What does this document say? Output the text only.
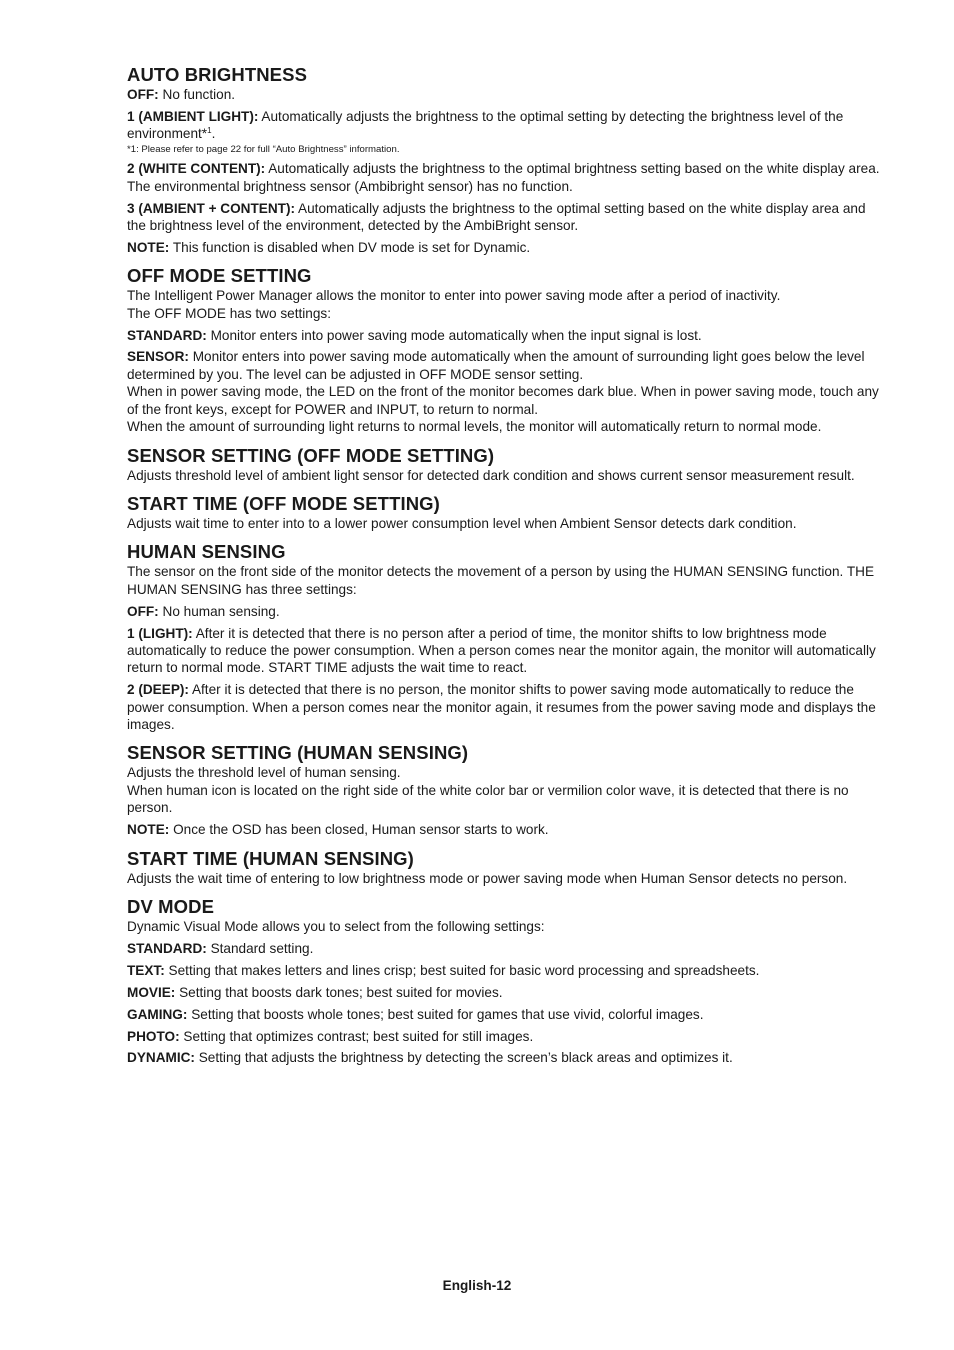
AUTO BRIGHTNESS

OFF: No function.

1 (AMBIENT LIGHT): Automatically adjusts the brightness to the optimal setting by detecting the brightness level of the environment*$^1$.

*1: Please refer to page 22 for full “Auto Brightness” information.

2 (WHITE CONTENT): Automatically adjusts the brightness to the optimal brightness setting based on the white display area.

The environmental brightness sensor (Ambibright sensor) has no function.

3 (AMBIENT + CONTENT): Automatically adjusts the brightness to the optimal setting based on the white display area and the brightness level of the environment, detected by the AmbiBright sensor.

NOTE: This function is disabled when DV mode is set for Dynamic.

OFF MODE SETTING

The Intelligent Power Manager allows the monitor to enter into power saving mode after a period of inactivity.

The OFF MODE has two settings:

STANDARD: Monitor enters into power saving mode automatically when the input signal is lost.

SENSOR: Monitor enters into power saving mode automatically when the amount of surrounding light goes below the level determined by you. The level can be adjusted in OFF MODE sensor setting.

When in power saving mode, the LED on the front of the monitor becomes dark blue. When in power saving mode, touch any of the front keys, except for POWER and INPUT, to return to normal.

When the amount of surrounding light returns to normal levels, the monitor will automatically return to normal mode.

SENSOR SETTING (OFF MODE SETTING)

Adjusts threshold level of ambient light sensor for detected dark condition and shows current sensor measurement result.

START TIME (OFF MODE SETTING)

Adjusts wait time to enter into to a lower power consumption level when Ambient Sensor detects dark condition.

HUMAN SENSING

The sensor on the front side of the monitor detects the movement of a person by using the HUMAN SENSING function. THE HUMAN SENSING has three settings:

OFF: No human sensing.

1 (LIGHT): After it is detected that there is no person after a period of time, the monitor shifts to low brightness mode automatically to reduce the power consumption. When a person comes near the monitor again, the monitor will automatically return to normal mode. START TIME adjusts the wait time to react.

2 (DEEP): After it is detected that there is no person, the monitor shifts to power saving mode automatically to reduce the power consumption. When a person comes near the monitor again, it resumes from the power saving mode and displays the images.

SENSOR SETTING (HUMAN SENSING)

Adjusts the threshold level of human sensing.

When human icon is located on the right side of the white color bar or vermilion color wave, it is detected that there is no person.

NOTE: Once the OSD has been closed, Human sensor starts to work.

START TIME (HUMAN SENSING)

Adjusts the wait time of entering to low brightness mode or power saving mode when Human Sensor detects no person.

DV MODE

Dynamic Visual Mode allows you to select from the following settings:

STANDARD: Standard setting.

TEXT: Setting that makes letters and lines crisp; best suited for basic word processing and spreadsheets.

MOVIE: Setting that boosts dark tones; best suited for movies.

GAMING: Setting that boosts whole tones; best suited for games that use vivid, colorful images.

PHOTO: Setting that optimizes contrast; best suited for still images.

DYNAMIC: Setting that adjusts the brightness by detecting the screen’s black areas and optimizes it.

English-12
